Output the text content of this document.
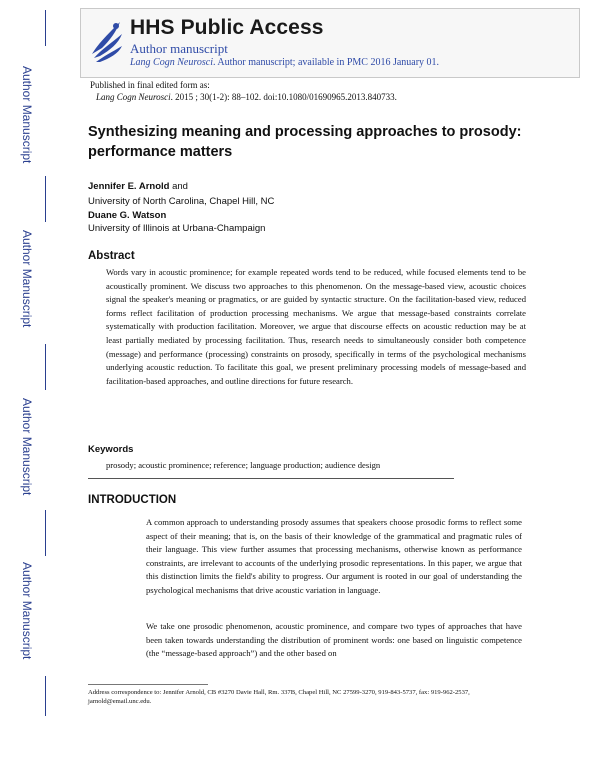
HHS Public Access
Author manuscript
Lang Cogn Neurosci. Author manuscript; available in PMC 2016 January 01.
Author Manuscript
Author Manuscript
Author Manuscript
Author Manuscript
Published in final edited form as:
Lang Cogn Neurosci. 2015 ; 30(1-2): 88–102. doi:10.1080/01690965.2013.840733.
Synthesizing meaning and processing approaches to prosody: performance matters
Jennifer E. Arnold and
University of North Carolina, Chapel Hill, NC
Duane G. Watson
University of Illinois at Urbana-Champaign
Abstract
Words vary in acoustic prominence; for example repeated words tend to be reduced, while focused elements tend to be acoustically prominent. We discuss two approaches to this phenomenon. On the message-based view, acoustic choices signal the speaker's meaning or pragmatics, or are guided by syntactic structure. On the facilitation-based view, reduced forms reflect facilitation of production processing mechanisms. We argue that message-based constraints correlate systematically with production facilitation. Moreover, we argue that discourse effects on acoustic reduction may be at least partially mediated by processing facilitation. Thus, research needs to simultaneously consider both competence (message) and performance (processing) constraints on prosody, specifically in terms of the psychological mechanisms underlying acoustic reduction. To facilitate this goal, we present preliminary processing models of message-based and facilitation-based approaches, and outline directions for future research.
Keywords
prosody; acoustic prominence; reference; language production; audience design
INTRODUCTION
A common approach to understanding prosody assumes that speakers choose prosodic forms to reflect some aspect of their meaning; that is, on the basis of their knowledge of the grammatical and pragmatic rules of their language. This view further assumes that processing mechanisms, otherwise known as performance constraints, are irrelevant to accounts of the underlying prosodic representations. In this paper, we argue that this distinction limits the field's ability to progress. Our argument is rooted in our goal of understanding the psychological mechanisms that drive acoustic variation in language.
We take one prosodic phenomenon, acoustic prominence, and compare two types of approaches that have been taken towards understanding the distribution of prominent words: one based on linguistic competence (the “message-based approach”) and the other based on
Address correspondence to: Jennifer Arnold, CB #3270 Davie Hall, Rm. 337B, Chapel Hill, NC 27599-3270, 919-843-5737, fax: 919-962-2537, jarnold@email.unc.edu.
